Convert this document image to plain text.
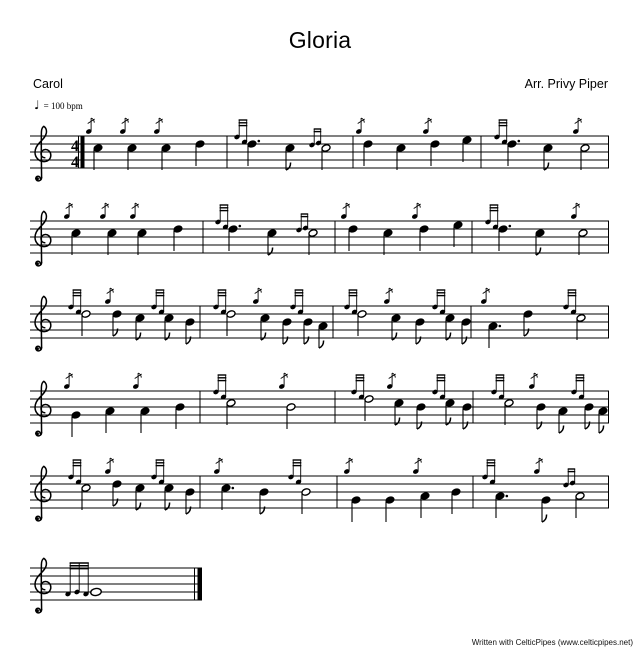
Gloria
Carol	Arr. Privy Piper
♩ = 100 bpm
4
4
Written with CelticPipes (www.celticpipes.net)
